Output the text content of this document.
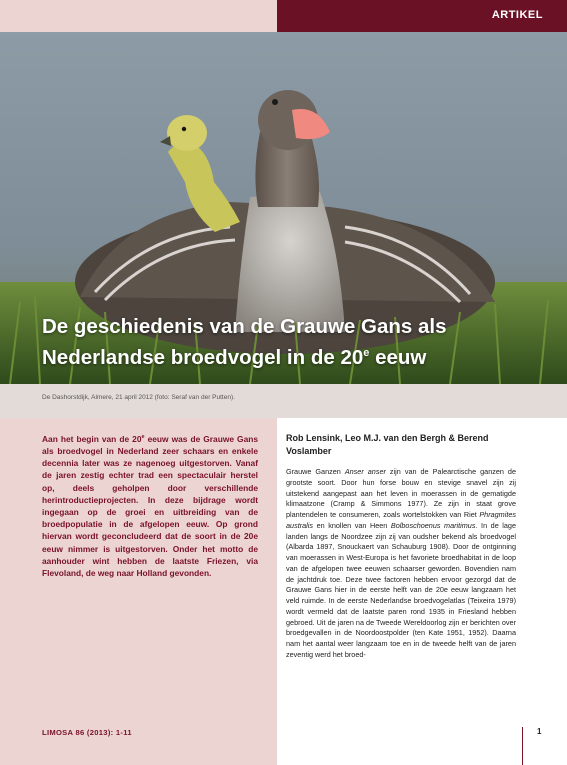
ARTIKEL
De geschiedenis van de Grauwe Gans als
Nederlandse broedvogel in de 20e eeuw
De Dashorstdijk, Almere, 21 april 2012 (foto: Seraf van der Putten).
Aan het begin van de 20e eeuw was de Grauwe Gans als broedvogel in Nederland zeer schaars en enkele decennia later was ze nagenoeg uitgestorven. Vanaf de jaren zestig echter trad een spectaculair herstel op, deels geholpen door verschillende herintroductieprojecten. In deze bijdrage wordt ingegaan op de groei en uitbreiding van de broedpopulatie in de afgelopen eeuw. Op grond hiervan wordt geconcludeerd dat de soort in de 20e eeuw nimmer is uitgestorven. Onder het motto de aanhouder wint hebben de laatste Friezen, via Flevoland, de weg naar Holland gevonden.
LIMOSA 86 (2013): 1-11
Rob Lensink, Leo M.J. van den Bergh & Berend Voslamber

Grauwe Ganzen Anser anser zijn van de Palearctische ganzen de grootste soort. Door hun forse bouw en stevige snavel zijn zij uitstekend aangepast aan het leven in moerassen in de gematigde klimaatzone (Cramp & Simmons 1977). Ze zijn in staat grove plantendelen te consumeren, zoals wortelstokken van Riet Phragmites australis en knollen van Heen Bolboschoenus maritimus. In de lage landen langs de Noordzee zijn zij van oudsher bekend als broedvogel (Albarda 1897, Snouckaert van Schauburg 1908). Door de ontginning van moerassen in West-Europa is het favoriete broedhabitat in de loop van de afgelopen twee eeuwen schaarser geworden. Bovendien nam de jachtdruk toe. Deze twee factoren hebben ervoor gezorgd dat de Grauwe Gans hier in de eerste helft van de 20e eeuw langzaam het veld ruimde. In de eerste Nederlandse broedvogelatlas (Teixeira 1979) wordt vermeld dat de laatste paren rond 1935 in Friesland hebben gebroed. Uit de jaren na de Tweede Wereldoorlog zijn er berichten over broedgevallen in de Noordoostpolder (ten Kate 1951, 1952). Daarna nam het aantal weer langzaam toe en in de tweede helft van de jaren zeventig werd het broed-

1
